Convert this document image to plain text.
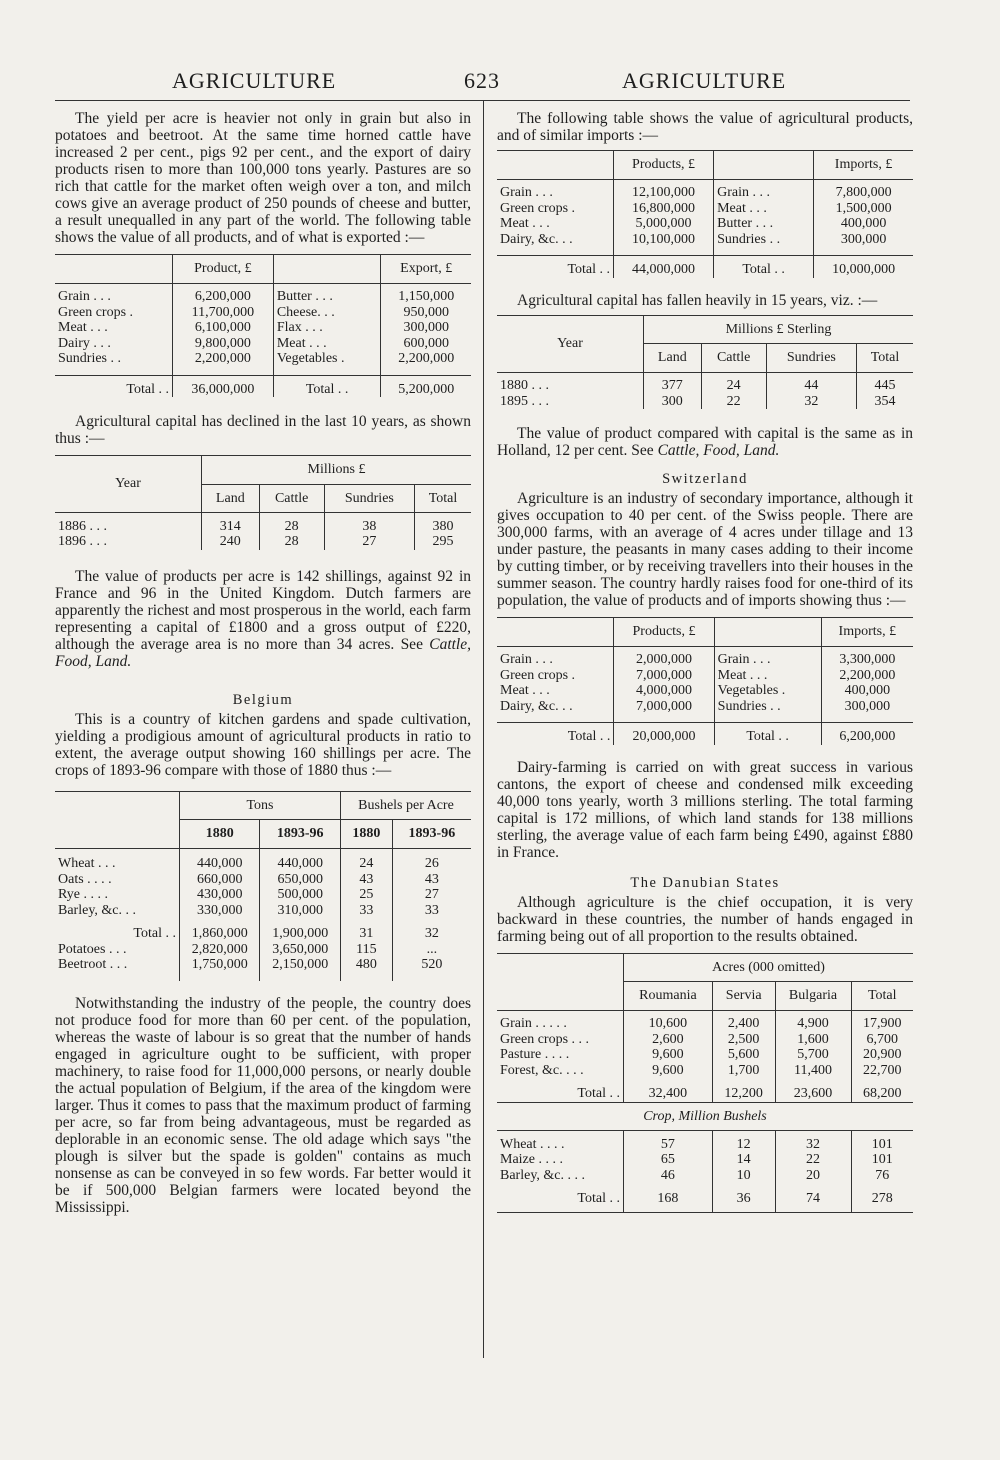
AGRICULTURE	623	AGRICULTURE

The yield per acre is heavier not only in grain but also in potatoes and beetroot. At the same time horned cattle have increased 2 per cent., pigs 92 per cent., and the export of dairy products risen to more than 100,000 tons yearly. Pastures are so rich that cattle for the market often weigh over a ton, and milch cows give an average product of 250 pounds of cheese and butter, a result unequalled in any part of the world. The following table shows the value of all products, and of what is exported :—

	Product, £		Export, £

Grain . . .	6,200,000	Butter . . .	1,150,000
Green crops .	11,700,000	Cheese. . .	950,000
Meat . . .	6,100,000	Flax . . .	300,000
Dairy . . .	9,800,000	Meat . . .	600,000
Sundries . .	2,200,000	Vegetables .	2,200,000

Total . .	36,000,000	Total . .	5,200,000

Agricultural capital has declined in the last 10 years, as shown thus :—

Year	Millions £			
	Land	Cattle	Sundries	Total

1886 . . .	314	28	38	380
1896 . . .	240	28	27	295

The value of products per acre is 142 shillings, against 92 in France and 96 in the United Kingdom. Dutch farmers are apparently the richest and most prosperous in the world, each farm representing a capital of £1800 and a gross output of £220, although the average area is no more than 34 acres. See Cattle, Food, Land.

Belgium

This is a country of kitchen gardens and spade cultivation, yielding a prodigious amount of agricultural products in ratio to extent, the average output showing 160 shillings per acre. The crops of 1893-96 compare with those of 1880 thus :—

	Tons		Bushels per Acre	
	1880	1893-96	1880	1893-96

Wheat . . .	440,000	440,000	24	26
Oats . . . .	660,000	650,000	43	43
Rye . . . .	430,000	500,000	25	27
Barley, &c. . .	330,000	310,000	33	33

Total . .	1,860,000	1,900,000	31	32
Potatoes . . .	2,820,000	3,650,000	115	...
Beetroot . . .	1,750,000	2,150,000	480	520

Notwithstanding the industry of the people, the country does not produce food for more than 60 per cent. of the population, whereas the waste of labour is so great that the number of hands engaged in agriculture ought to be sufficient, with proper machinery, to raise food for 11,000,000 persons, or nearly double the actual population of Belgium, if the area of the kingdom were larger. Thus it comes to pass that the maximum product of farming per acre, so far from being advantageous, must be regarded as deplorable in an economic sense. The old adage which says "the plough is silver but the spade is golden" contains as much nonsense as can be conveyed in so few words. Far better would it be if 500,000 Belgian farmers were located beyond the Mississippi.

The following table shows the value of agricultural products, and of similar imports :—

	Products, £		Imports, £

Grain . . .	12,100,000	Grain . . .	7,800,000
Green crops .	16,800,000	Meat . . .	1,500,000
Meat . . .	5,000,000	Butter . . .	400,000
Dairy, &c. . .	10,100,000	Sundries . .	300,000

Total . .	44,000,000	Total . .	10,000,000

Agricultural capital has fallen heavily in 15 years, viz. :—

Year	Millions £ Sterling			
	Land	Cattle	Sundries	Total

1880 . . .	377	24	44	445
1895 . . .	300	22	32	354

The value of product compared with capital is the same as in Holland, 12 per cent. See Cattle, Food, Land.

Switzerland

Agriculture is an industry of secondary importance, although it gives occupation to 40 per cent. of the Swiss people. There are 300,000 farms, with an average of 4 acres under tillage and 13 under pasture, the peasants in many cases adding to their income by cutting timber, or by receiving travellers into their houses in the summer season. The country hardly raises food for one-third of its population, the value of products and of imports showing thus :—

	Products, £		Imports, £

Grain . . .	2,000,000	Grain . . .	3,300,000
Green crops .	7,000,000	Meat . . .	2,200,000
Meat . . .	4,000,000	Vegetables .	400,000
Dairy, &c. . .	7,000,000	Sundries . .	300,000

Total . .	20,000,000	Total . .	6,200,000

Dairy-farming is carried on with great success in various cantons, the export of cheese and condensed milk exceeding 40,000 tons yearly, worth 3 millions sterling. The total farming capital is 172 millions, of which land stands for 138 millions sterling, the average value of each farm being £490, against £880 in France.

The Danubian States

Although agriculture is the chief occupation, it is very backward in these countries, the number of hands engaged in farming being out of all proportion to the results obtained.

	Acres (000 omitted)			
	Roumania	Servia	Bulgaria	Total

Grain . . . . .	10,600	2,400	4,900	17,900
Green crops . . .	2,600	2,500	1,600	6,700
Pasture . . . .	9,600	5,600	5,700	20,900
Forest, &c. . . .	9,600	1,700	11,400	22,700

Total . .	32,400	12,200	23,600	68,200
Crop, Million Bushels				

Wheat . . . .	57	12	32	101
Maize . . . .	65	14	22	101
Barley, &c. . . .	46	10	20	76

Total . .	168	36	74	278
